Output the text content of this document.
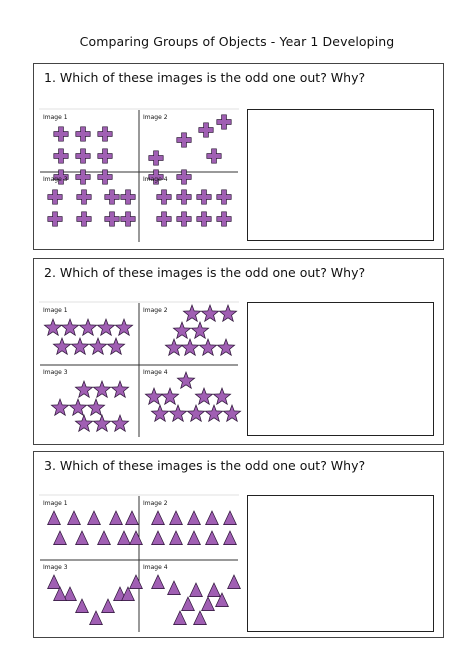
Comparing Groups of Objects - Year 1 Developing
1. Which of these images is the odd one out? Why?
Image 1	Image 2
Image 3	Image 4
2. Which of these images is the odd one out? Why?
Image 1	Image 2
Image 3	Image 4
3. Which of these images is the odd one out? Why?
Image 1	Image 2
Image 3	Image 4
